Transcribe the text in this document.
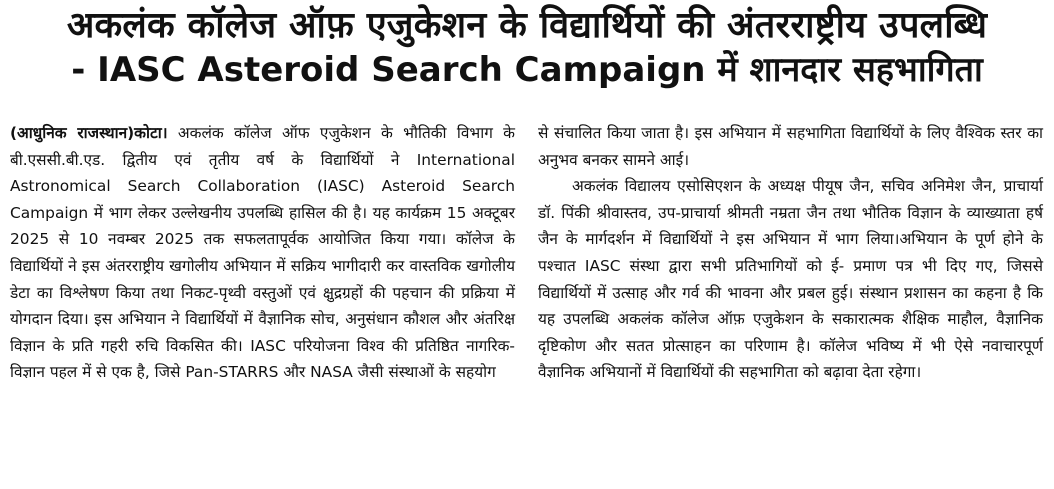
अकलंक कॉलेज ऑफ़ एजुकेशन के विद्यार्थियों की अंतरराष्ट्रीय उपलब्धि
- IASC Asteroid Search Campaign में शानदार सहभागिता

(आधुनिक राजस्थान)कोटा। अकलंक कॉलेज ऑफ एजुकेशन के भौतिकी विभाग के बी.एससी.बी.एड. द्वितीय एवं तृतीय वर्ष के विद्यार्थियों ने International Astronomical Search Collaboration (IASC) Asteroid Search Campaign में भाग लेकर उल्लेखनीय उपलब्धि हासिल की है। यह कार्यक्रम 15 अक्टूबर 2025 से 10 नवम्बर 2025 तक सफलतापूर्वक आयोजित किया गया। कॉलेज के विद्यार्थियों ने इस अंतरराष्ट्रीय खगोलीय अभियान में सक्रिय भागीदारी कर वास्तविक खगोलीय डेटा का विश्लेषण किया तथा निकट-पृथ्वी वस्तुओं एवं क्षुद्रग्रहों की पहचान की प्रक्रिया में योगदान दिया। इस अभियान ने विद्यार्थियों में वैज्ञानिक सोच, अनुसंधान कौशल और अंतरिक्ष विज्ञान के प्रति गहरी रुचि विकसित की। IASC परियोजना विश्व की प्रतिष्ठित नागरिक-विज्ञान पहल में से एक है, जिसे Pan-STARRS और NASA जैसी संस्थाओं के सहयोग

से संचालित किया जाता है। इस अभियान में सहभागिता विद्यार्थियों के लिए वैश्विक स्तर का अनुभव बनकर सामने आई।

अकलंक विद्यालय एसोसिएशन के अध्यक्ष पीयूष जैन, सचिव अनिमेश जैन, प्राचार्या डॉ. पिंकी श्रीवास्तव, उप-प्राचार्या श्रीमती नम्रता जैन तथा भौतिक विज्ञान के व्याख्याता हर्ष जैन के मार्गदर्शन में विद्यार्थियों ने इस अभियान में भाग लिया।अभियान के पूर्ण होने के पश्चात IASC संस्था द्वारा सभी प्रतिभागियों को ई- प्रमाण पत्र भी दिए गए, जिससे विद्यार्थियों में उत्साह और गर्व की भावना और प्रबल हुई। संस्थान प्रशासन का कहना है कि यह उपलब्धि अकलंक कॉलेज ऑफ़ एजुकेशन के सकारात्मक शैक्षिक माहौल, वैज्ञानिक दृष्टिकोण और सतत प्रोत्साहन का परिणाम है। कॉलेज भविष्य में भी ऐसे नवाचारपूर्ण वैज्ञानिक अभियानों में विद्यार्थियों की सहभागिता को बढ़ावा देता रहेगा।
